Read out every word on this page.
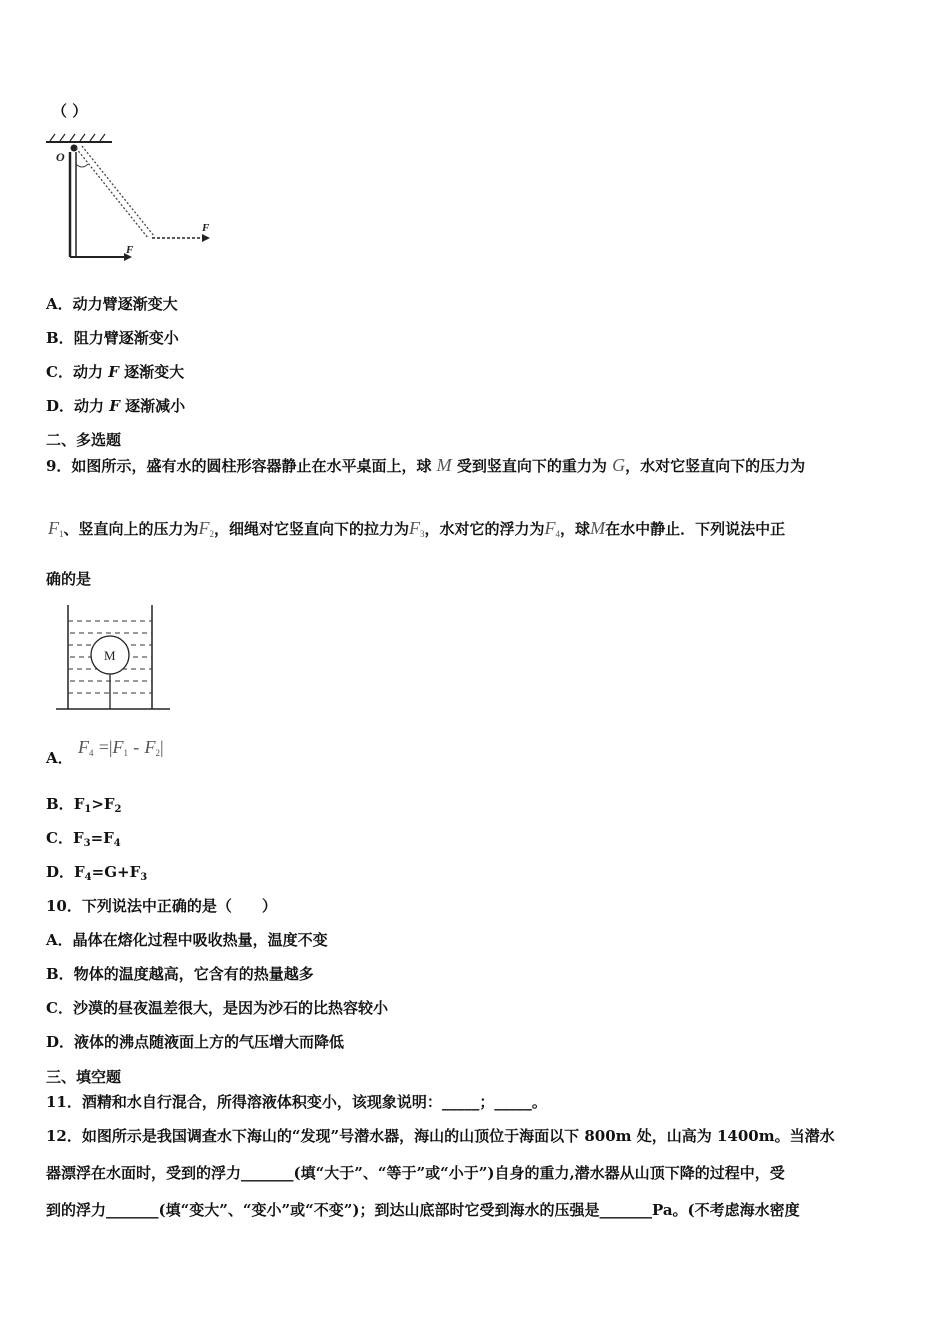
（ ）
O
F
F
A．动力臂逐渐变大
B．阻力臂逐渐变小
C．动力 F 逐渐变大
D．动力 F 逐渐减小
二、多选题
9．如图所示，盛有水的圆柱形容器静止在水平桌面上，球 M 受到竖直向下的重力为 G，水对它竖直向下的压力为
$F_1$、竖直向上的压力为$F_2$，细绳对它竖直向下的拉力为$F_3$，水对它的浮力为$F_4$，球M在水中静止．下列说法中正
确的是
M
A．
$F_4 =|F_1 - F_2|$
B．$F_1>F_2$
C．$F_3=F_4$
D．$F_4=G+F_3$
10．下列说法中正确的是（　　）
A．晶体在熔化过程中吸收热量，温度不变
B．物体的温度越高，它含有的热量越多
C．沙漠的昼夜温差很大，是因为沙石的比热容较小
D．液体的沸点随液面上方的气压增大而降低
三、填空题
11．酒精和水自行混合，所得溶液体积变小，该现象说明：_____；_____。
12．如图所示是我国调查水下海山的“发现”号潜水器，海山的山顶位于海面以下 800m 处，山高为 1400m。当潜水
器漂浮在水面时，受到的浮力_______(填“大于”、“等于”或“小于”)自身的重力,潜水器从山顶下降的过程中，受
到的浮力_______(填“变大”、“变小”或“不变”)；到达山底部时它受到海水的压强是_______Pa。(不考虑海水密度
